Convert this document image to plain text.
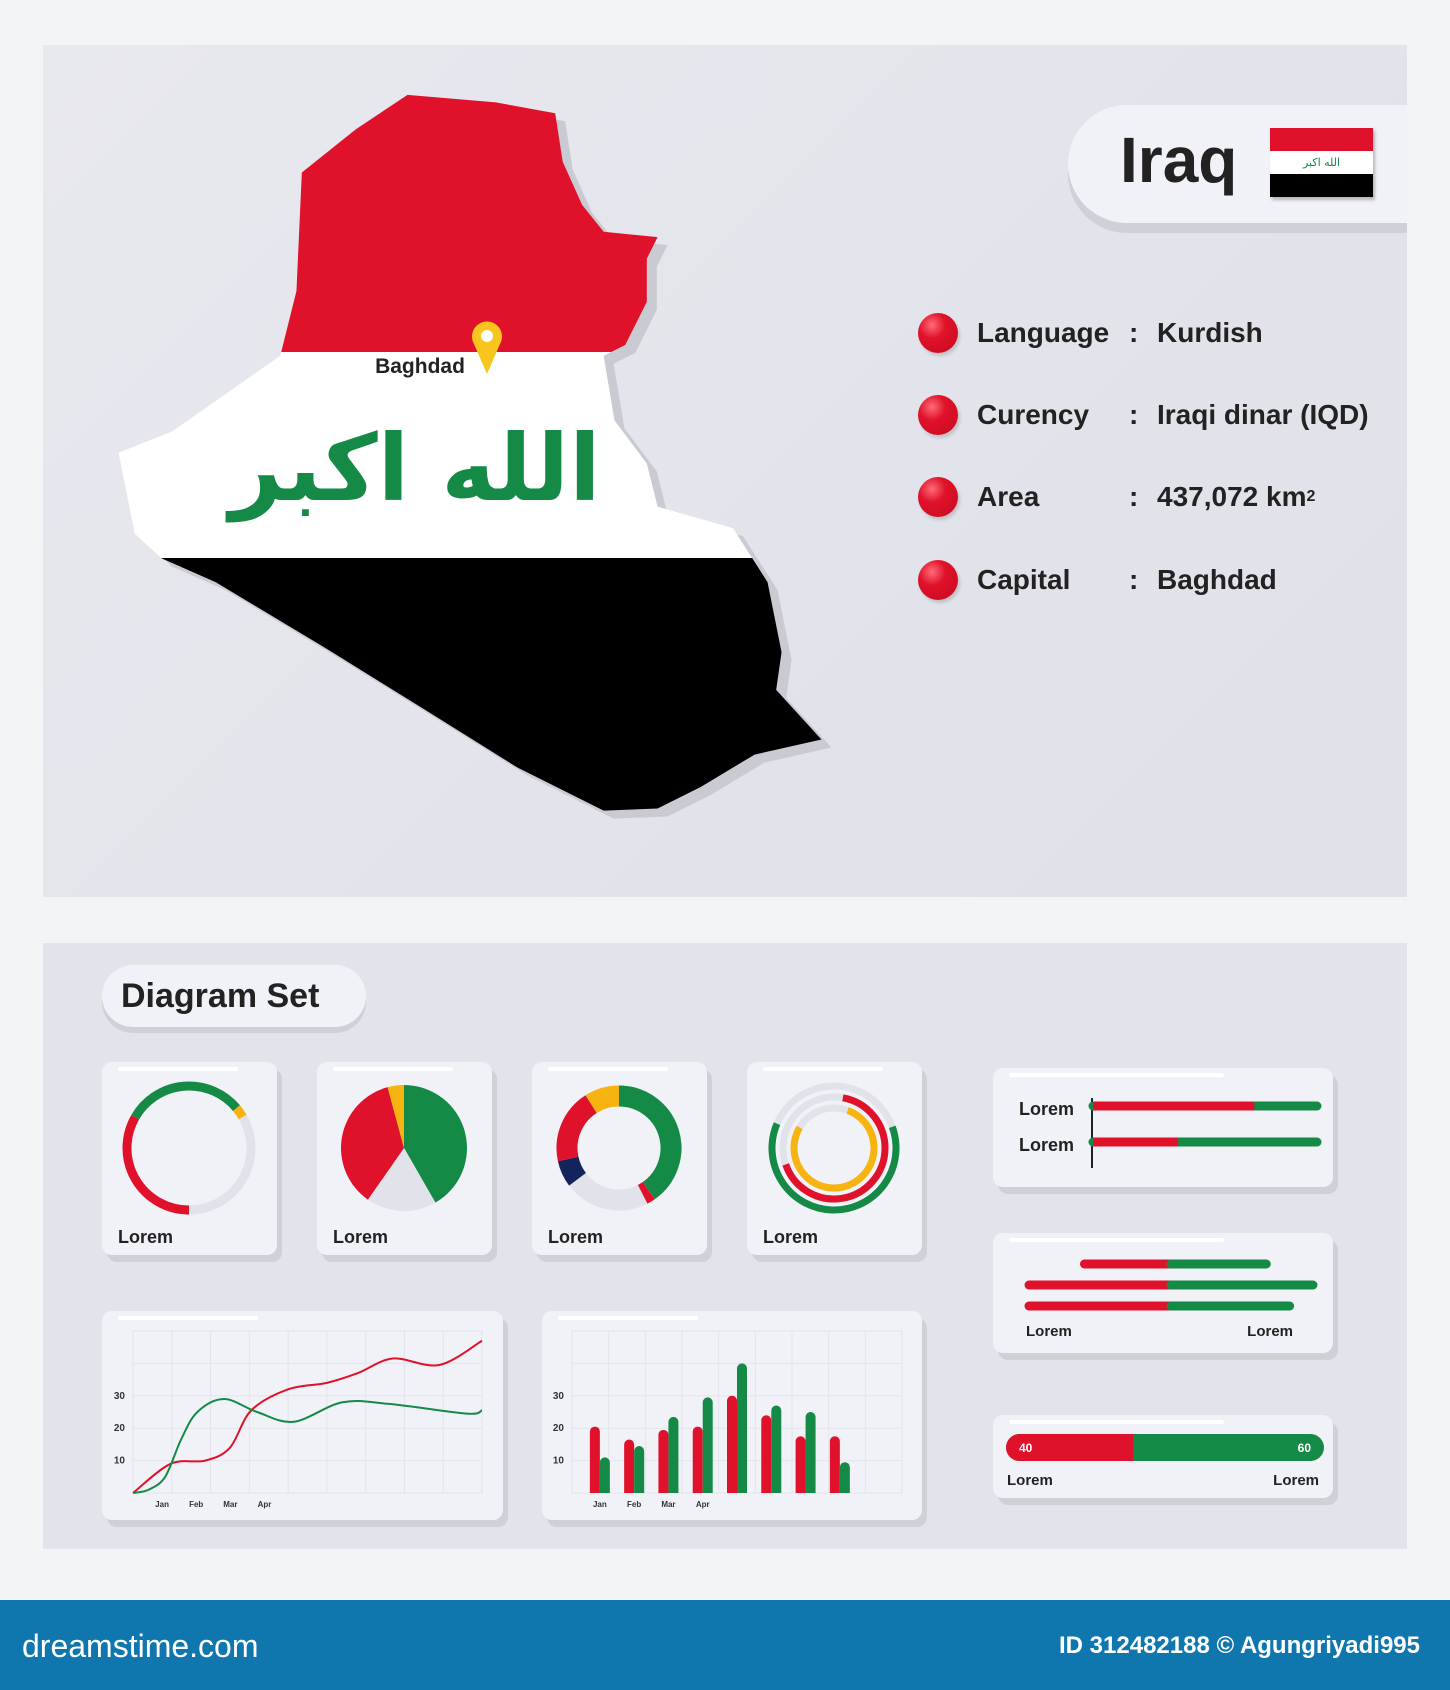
الله اكبر
Baghdad
Iraq	الله اكبر
Language : Kurdish
Curency	: Iraqi dinar (IQD)
Area	: 437,072 km 2
Capital	: Baghdad
Diagram Set
Lorem	Lorem	Lorem	Lorem
10
20
30
Jan	Feb Mar	Apr
10
20
30
Jan	Feb	Mar	Apr
Lorem
Lorem
Lorem	Lorem
40	60
Lorem	Lorem
dreamstime.com	ID 312482188 © Agungriyadi995
